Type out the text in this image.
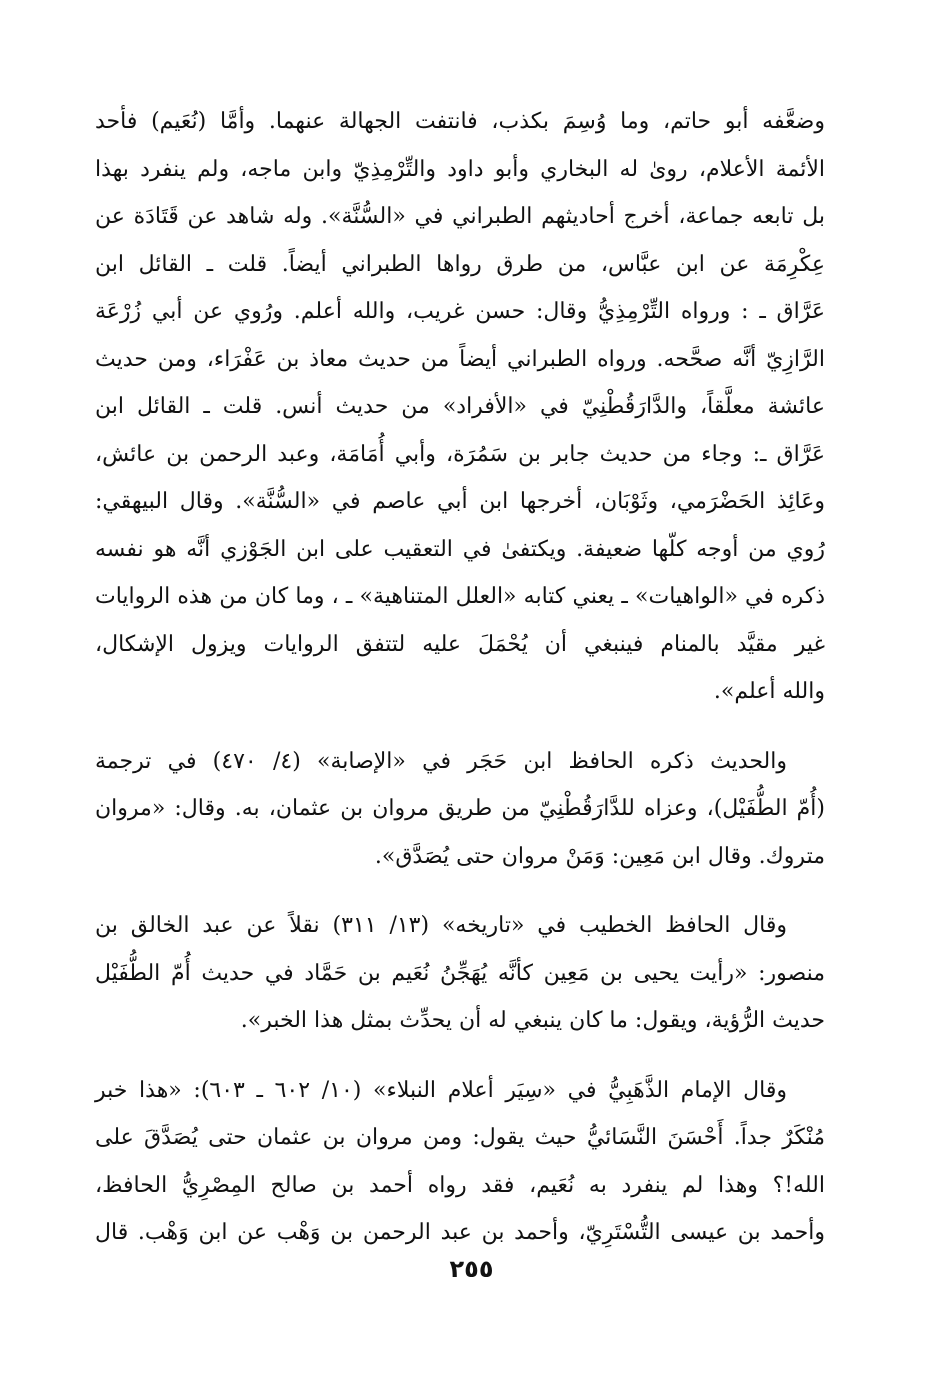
وضعَّفه أبو حاتم، وما وُسِمَ بكذب، فانتفت الجهالة عنهما. وأمَّا (نُعَيم) فأحد
الأئمة الأعلام، روىٰ له البخاري وأبو داود والتِّرْمِذِيّ وابن ماجه، ولم ينفرد بهذا
بل تابعه جماعة، أخرج أحاديثهم الطبراني في «السُّنَّة». وله شاهد عن قَتَادَة عن
عِكْرِمَة عن ابن عبَّاس، من طرق رواها الطبراني أيضاً. قلت ـ القائل ابن
عَرَّاق ـ : ورواه التِّرْمِذِيُّ وقال: حسن غريب، والله أعلم. ورُوي عن أبي زُرْعَة
الرَّازِيّ أنَّه صحَّحه. ورواه الطبراني أيضاً من حديث معاذ بن عَفْرَاء، ومن حديث
عائشة معلَّقاً، والدَّارَقُطْنِيّ في «الأفراد» من حديث أنس. قلت ـ القائل ابن
عَرَّاق ـ: وجاء من حديث جابر بن سَمُرَة، وأبي أُمَامَة، وعبد الرحمن بن عائش،
وعَائِذ الحَضْرَمي، وثَوْبَان، أخرجها ابن أبي عاصم في «السُّنَّة». وقال البيهقي:
رُوي من أوجه كلّها ضعيفة. ويكتفىٰ في التعقيب على ابن الجَوْزي أنَّه هو نفسه
ذكره في «الواهيات» ـ يعني كتابه «العلل المتناهية» ـ ، وما كان من هذه الروايات
غير مقيَّد بالمنام فينبغي أن يُحْمَلَ عليه لتتفق الروايات ويزول الإشكال،
والله أعلم».
والحديث ذكره الحافظ ابن حَجَر في «الإصابة» (٤/ ٤٧٠) في ترجمة
(أُمّ الطُّفَيْل)، وعزاه للدَّارَقُطْنِيّ من طريق مروان بن عثمان، به. وقال: «مروان
متروك. وقال ابن مَعِين: وَمَنْ مروان حتى يُصَدَّق».
وقال الحافظ الخطيب في «تاريخه» (١٣/ ٣١١) نقلاً عن عبد الخالق بن
منصور: «رأيت يحيى بن مَعِين كأنَّه يُهَجِّنُ نُعَيم بن حَمَّاد في حديث أُمّ الطُّفَيْل
حديث الرُّؤية، ويقول: ما كان ينبغي له أن يحدِّث بمثل هذا الخبر».
وقال الإمام الذَّهَبِيُّ في «سِيَر أعلام النبلاء» (١٠/ ٦٠٢ ـ ٦٠٣): «هذا خبر
مُنْكَرٌ جداً. أَحْسَنَ النَّسَائيُّ حيث يقول: ومن مروان بن عثمان حتى يُصَدَّقَ على
الله!؟ وهذا لم ينفرد به نُعَيم، فقد رواه أحمد بن صالح المِصْرِيُّ الحافظ،
وأحمد بن عيسى التُّسْتَرِيّ، وأحمد بن عبد الرحمن بن وَهْب عن ابن وَهْب. قال
٢٥٥
